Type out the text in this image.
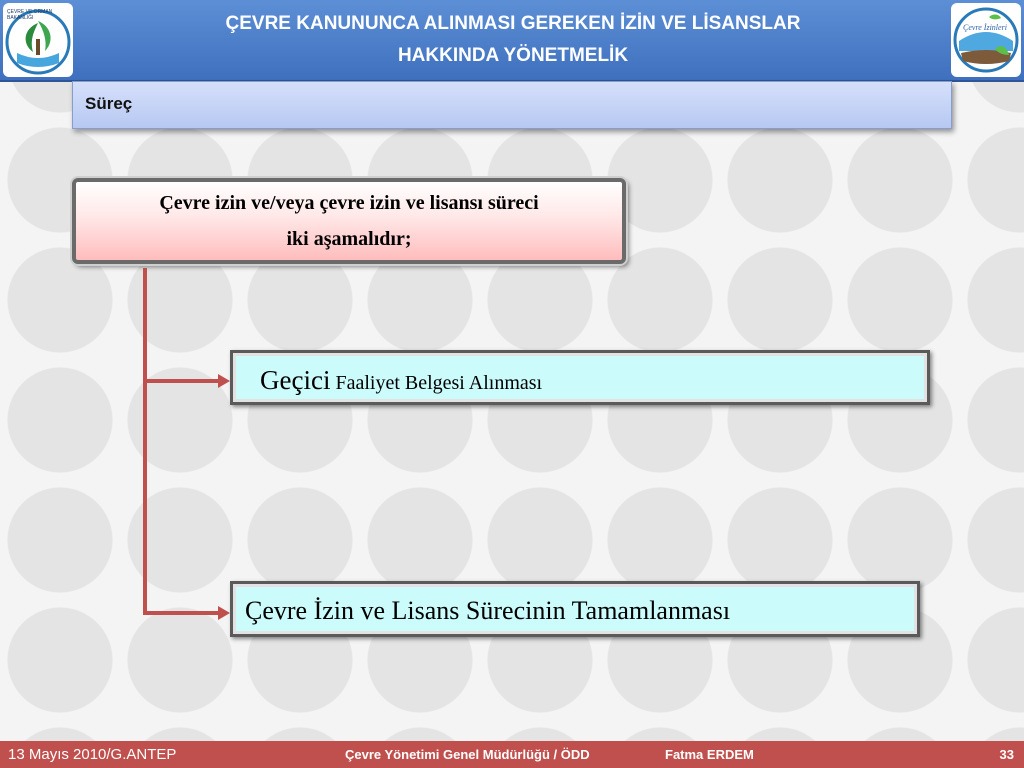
ÇEVRE VE ORMAN
BAKANLIĞI	ÇEVRE KANUNUNCA ALINMASI GEREKEN İZİN VE LİSANSLAR
HAKKINDA YÖNETMELİK
Çevre İzinleri
Süreç
Çevre izin ve/veya çevre izin ve lisansı süreci
iki aşamalıdır;
Geçici Faaliyet Belgesi Alınması
Çevre İzin ve Lisans Sürecinin Tamamlanması
13 Mayıs 2010/G.ANTEP	Çevre Yönetimi Genel Müdürlüğü / ÖDD	Fatma ERDEM	33
